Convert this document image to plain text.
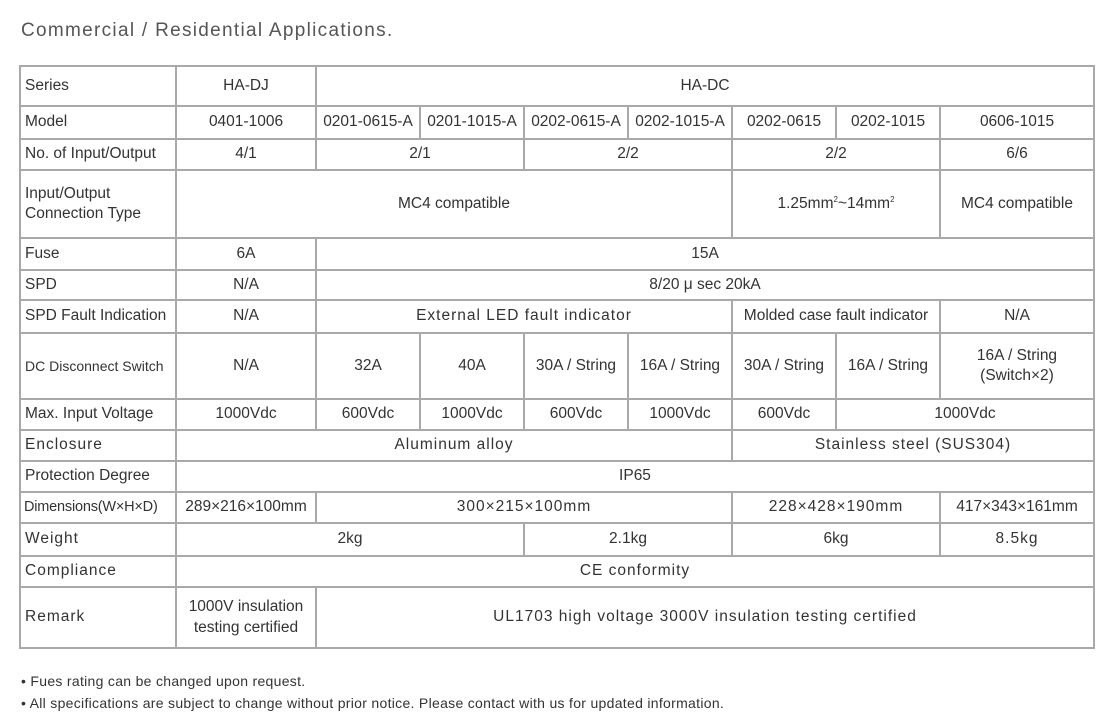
Commercial / Residential Applications.
Series	HA-DJ	HA-DC						
Model	0401-1006	0201-0615-A	0201-1015-A	0202-0615-A	0202-1015-A	0202-0615	0202-1015	0606-1015
No. of Input/Output	4/1	2/1		2/2		2/2		6/6
Input/Output Connection Type	MC4 compatible					$1.25mm^2\sim 14mm^2$		MC4 compatible
Fuse	6A	15A						
SPD	N/A	8/20 μ sec 20kA						
SPD Fault Indication	N/A	External LED fault indicator				Molded case fault indicator		N/A
DC Disconnect Switch	N/A	32A	40A	30A / String	16A / String	30A / String	16A / String	16A / String (Switch×2)
Max. Input Voltage	1000Vdc	600Vdc	1000Vdc	600Vdc	1000Vdc	600Vdc	1000Vdc	
Enclosure	Aluminum alloy					Stainless steel (SUS304)		
Protection Degree	IP65							
Dimensions(W×H×D)	289×216×100mm	300×215×100mm				228×428×190mm		417×343×161mm
Weight	2kg			2.1kg		6kg		8.5kg
Compliance	CE conformity							
Remark	1000V insulation testing certified	UL1703 high voltage 3000V insulation testing certified						
• Fues rating can be changed upon request.
• All specifications are subject to change without prior notice. Please contact with us for updated information.
